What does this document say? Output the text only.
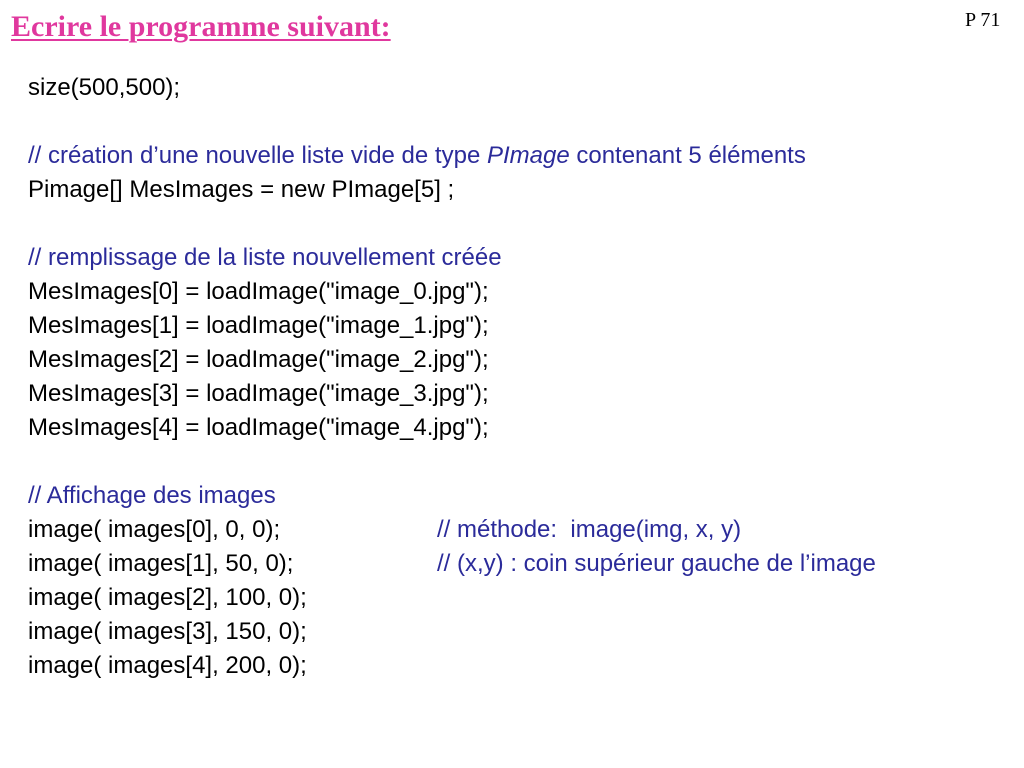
Ecrire le programme suivant:	P 71
size(500,500);
// création d’une nouvelle liste vide de type PImage contenant 5 éléments
Pimage[] MesImages = new PImage[5] ;
// remplissage de la liste nouvellement créée
MesImages[0] = loadImage("image_0.jpg");
MesImages[1] = loadImage("image_1.jpg");
MesImages[2] = loadImage("image_2.jpg");
MesImages[3] = loadImage("image_3.jpg");
MesImages[4] = loadImage("image_4.jpg");
// Affichage des images
image( images[0], 0, 0);	// méthode:  image(img, x, y)
image( images[1], 50, 0);	// (x,y) : coin supérieur gauche de l’image
image( images[2], 100, 0);
image( images[3], 150, 0);
image( images[4], 200, 0);
